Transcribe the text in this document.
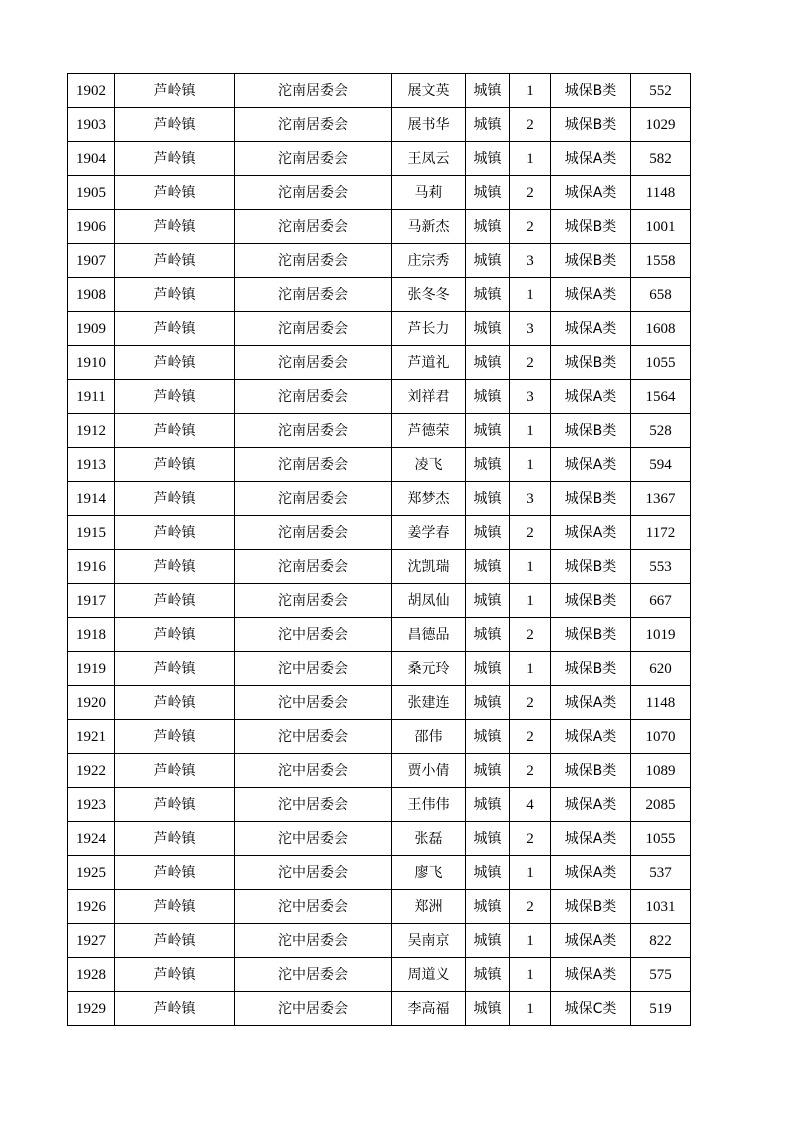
1902	芦岭镇	沱南居委会	展文英	城镇	1	城保B类	552
1903	芦岭镇	沱南居委会	展书华	城镇	2	城保B类	1029
1904	芦岭镇	沱南居委会	王凤云	城镇	1	城保A类	582
1905	芦岭镇	沱南居委会	马莉	城镇	2	城保A类	1148
1906	芦岭镇	沱南居委会	马新杰	城镇	2	城保B类	1001
1907	芦岭镇	沱南居委会	庄宗秀	城镇	3	城保B类	1558
1908	芦岭镇	沱南居委会	张冬冬	城镇	1	城保A类	658
1909	芦岭镇	沱南居委会	芦长力	城镇	3	城保A类	1608
1910	芦岭镇	沱南居委会	芦道礼	城镇	2	城保B类	1055
1911	芦岭镇	沱南居委会	刘祥君	城镇	3	城保A类	1564
1912	芦岭镇	沱南居委会	芦德荣	城镇	1	城保B类	528
1913	芦岭镇	沱南居委会	凌飞	城镇	1	城保A类	594
1914	芦岭镇	沱南居委会	郑梦杰	城镇	3	城保B类	1367
1915	芦岭镇	沱南居委会	姜学春	城镇	2	城保A类	1172
1916	芦岭镇	沱南居委会	沈凯瑞	城镇	1	城保B类	553
1917	芦岭镇	沱南居委会	胡凤仙	城镇	1	城保B类	667
1918	芦岭镇	沱中居委会	昌德品	城镇	2	城保B类	1019
1919	芦岭镇	沱中居委会	桑元玲	城镇	1	城保B类	620
1920	芦岭镇	沱中居委会	张建连	城镇	2	城保A类	1148
1921	芦岭镇	沱中居委会	邵伟	城镇	2	城保A类	1070
1922	芦岭镇	沱中居委会	贾小倩	城镇	2	城保B类	1089
1923	芦岭镇	沱中居委会	王伟伟	城镇	4	城保A类	2085
1924	芦岭镇	沱中居委会	张磊	城镇	2	城保A类	1055
1925	芦岭镇	沱中居委会	廖飞	城镇	1	城保A类	537
1926	芦岭镇	沱中居委会	郑洲	城镇	2	城保B类	1031
1927	芦岭镇	沱中居委会	吴南京	城镇	1	城保A类	822
1928	芦岭镇	沱中居委会	周道义	城镇	1	城保A类	575
1929	芦岭镇	沱中居委会	李高福	城镇	1	城保C类	519
